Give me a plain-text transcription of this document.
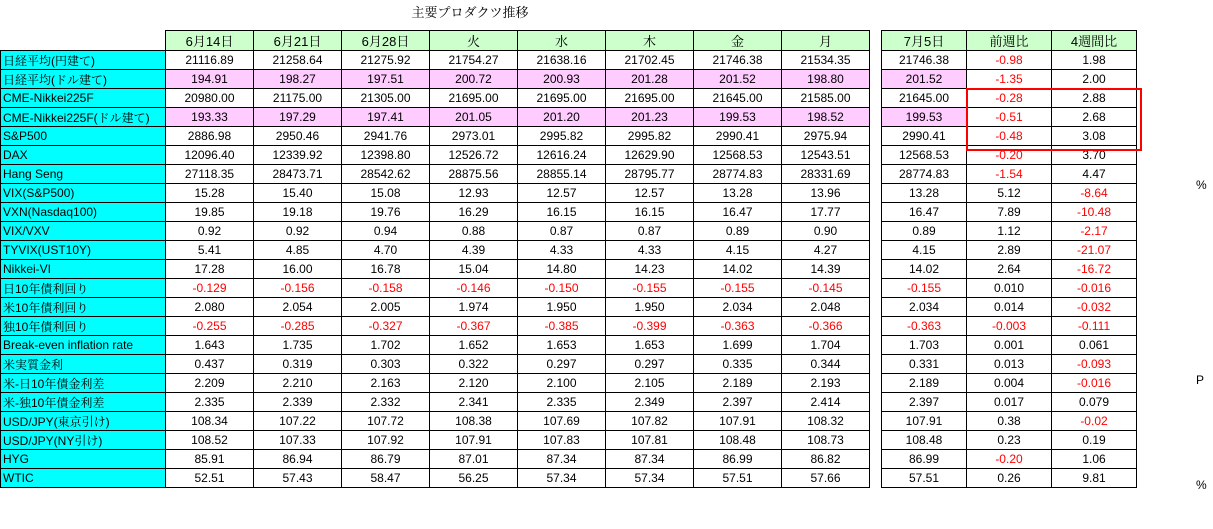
主要プロダクツ推移
	6月14日	6月21日	6月28日	火	水	木	金	月		7月5日	前週比	4週間比
日経平均(円建て)	21116.89	21258.64	21275.92	21754.27	21638.16	21702.45	21746.38	21534.35		21746.38	-0.98	1.98
日経平均(ドル建て)	194.91	198.27	197.51	200.72	200.93	201.28	201.52	198.80		201.52	-1.35	2.00
CME-Nikkei225F	20980.00	21175.00	21305.00	21695.00	21695.00	21695.00	21645.00	21585.00		21645.00	-0.28	2.88
CME-Nikkei225F(ドル建て)	193.33	197.29	197.41	201.05	201.20	201.23	199.53	198.52		199.53	-0.51	2.68
S&P500	2886.98	2950.46	2941.76	2973.01	2995.82	2995.82	2990.41	2975.94		2990.41	-0.48	3.08
DAX	12096.40	12339.92	12398.80	12526.72	12616.24	12629.90	12568.53	12543.51		12568.53	-0.20	3.70
Hang Seng	27118.35	28473.71	28542.62	28875.56	28855.14	28795.77	28774.83	28331.69		28774.83	-1.54	4.47
VIX(S&P500)	15.28	15.40	15.08	12.93	12.57	12.57	13.28	13.96		13.28	5.12	-8.64
VXN(Nasdaq100)	19.85	19.18	19.76	16.29	16.15	16.15	16.47	17.77		16.47	7.89	-10.48
VIX/VXV	0.92	0.92	0.94	0.88	0.87	0.87	0.89	0.90		0.89	1.12	-2.17
TYVIX(UST10Y)	5.41	4.85	4.70	4.39	4.33	4.33	4.15	4.27		4.15	2.89	-21.07
Nikkei-VI	17.28	16.00	16.78	15.04	14.80	14.23	14.02	14.39		14.02	2.64	-16.72
日10年債利回り	-0.129	-0.156	-0.158	-0.146	-0.150	-0.155	-0.155	-0.145		-0.155	0.010	-0.016
米10年債利回り	2.080	2.054	2.005	1.974	1.950	1.950	2.034	2.048		2.034	0.014	-0.032
独10年債利回り	-0.255	-0.285	-0.327	-0.367	-0.385	-0.399	-0.363	-0.366		-0.363	-0.003	-0.111
Break-even inflation rate	1.643	1.735	1.702	1.652	1.653	1.653	1.699	1.704		1.703	0.001	0.061
米実質金利	0.437	0.319	0.303	0.322	0.297	0.297	0.335	0.344		0.331	0.013	-0.093
米-日10年債金利差	2.209	2.210	2.163	2.120	2.100	2.105	2.189	2.193		2.189	0.004	-0.016
米-独10年債金利差	2.335	2.339	2.332	2.341	2.335	2.349	2.397	2.414		2.397	0.017	0.079
USD/JPY(東京引け)	108.34	107.22	107.72	108.38	107.69	107.82	107.91	108.32		107.91	0.38	-0.02
USD/JPY(NY引け)	108.52	107.33	107.92	107.91	107.83	107.81	108.48	108.73		108.48	0.23	0.19
HYG	85.91	86.94	86.79	87.01	87.34	87.34	86.99	86.82		86.99	-0.20	1.06
WTIC	52.51	57.43	58.47	56.25	57.34	57.34	57.51	57.66		57.51	0.26	9.81
%
P
%
